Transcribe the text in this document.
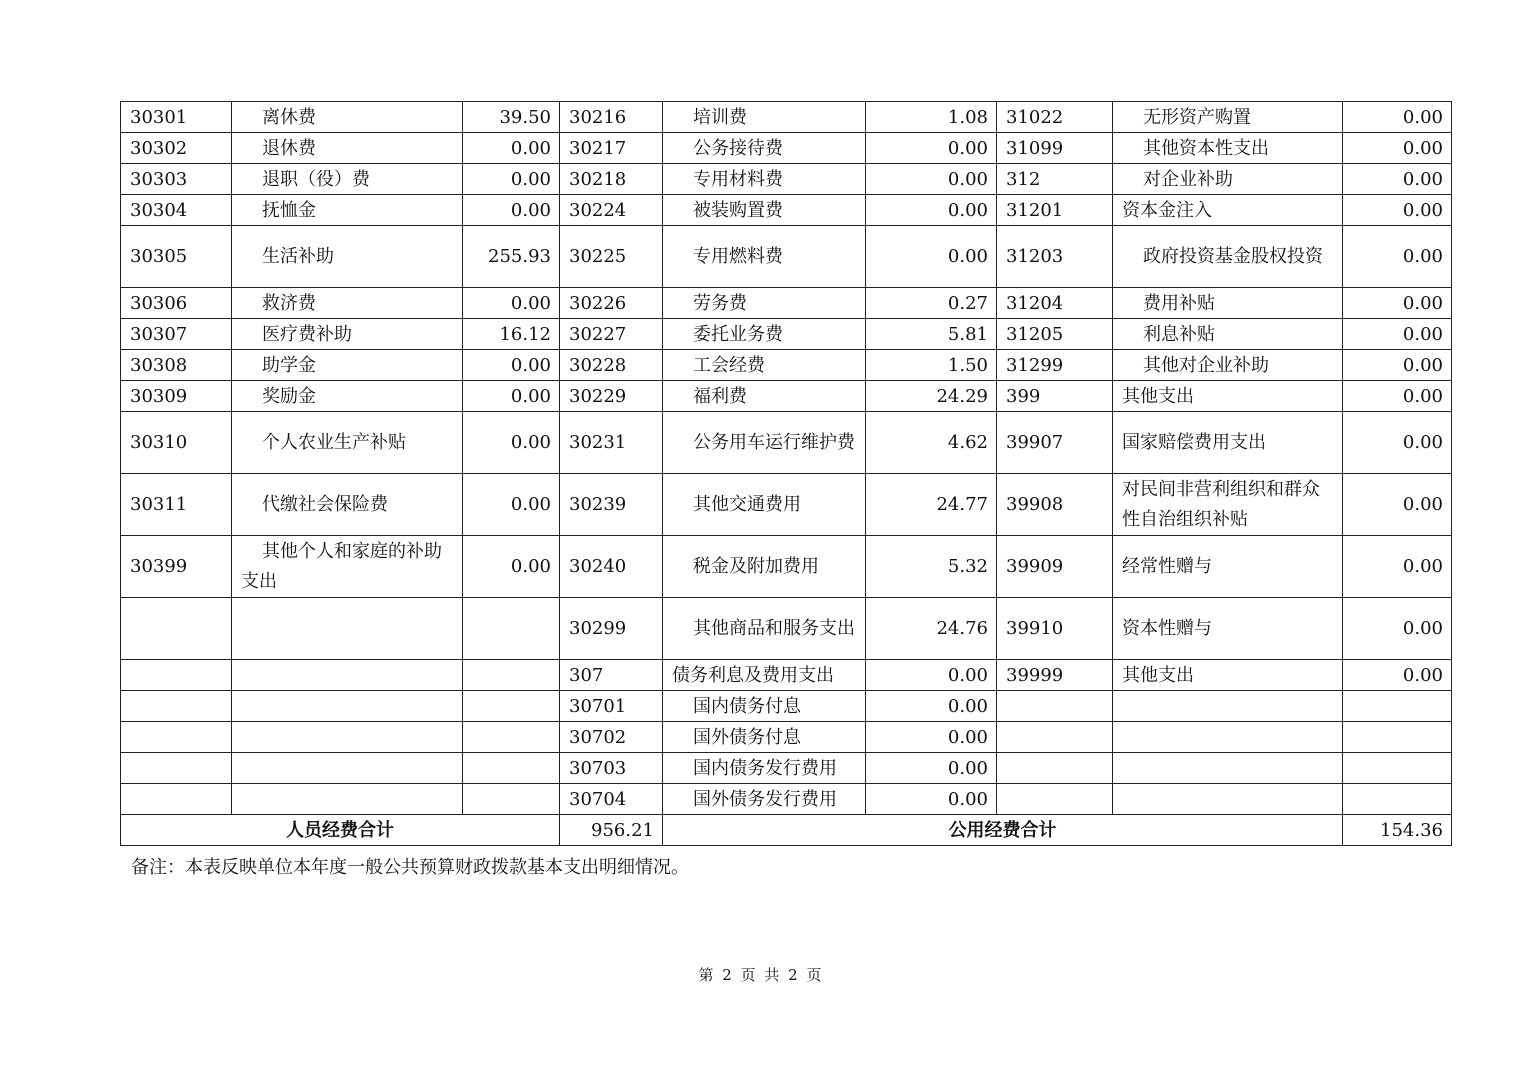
30301	离休费	39.50	30216	培训费	1.08	31022	无形资产购置	0.00
30302	退休费	0.00	30217	公务接待费	0.00	31099	其他资本性支出	0.00
30303	退职（役）费	0.00	30218	专用材料费	0.00	312	对企业补助	0.00
30304	抚恤金	0.00	30224	被装购置费	0.00	31201	资本金注入	0.00
30305	生活补助	255.93	30225	专用燃料费	0.00	31203	政府投资基金股权投资	0.00
30306	救济费	0.00	30226	劳务费	0.27	31204	费用补贴	0.00
30307	医疗费补助	16.12	30227	委托业务费	5.81	31205	利息补贴	0.00
30308	助学金	0.00	30228	工会经费	1.50	31299	其他对企业补助	0.00
30309	奖励金	0.00	30229	福利费	24.29	399	其他支出	0.00
30310	个人农业生产补贴	0.00	30231	公务用车运行维护费	4.62	39907	国家赔偿费用支出	0.00
30311	代缴社会保险费	0.00	30239	其他交通费用	24.77	39908	对民间非营利组织和群众性自治组织补贴	0.00
30399	其他个人和家庭的补助支出	0.00	30240	税金及附加费用	5.32	39909	经常性赠与	0.00
			30299	其他商品和服务支出	24.76	39910	资本性赠与	0.00
			307	债务利息及费用支出	0.00	39999	其他支出	0.00
			30701	国内债务付息	0.00			
			30702	国外债务付息	0.00			
			30703	国内债务发行费用	0.00			
			30704	国外债务发行费用	0.00			
人员经费合计			956.21	公用经费合计				154.36
备注：本表反映单位本年度一般公共预算财政拨款基本支出明细情况。
第 2 页 共 2 页
